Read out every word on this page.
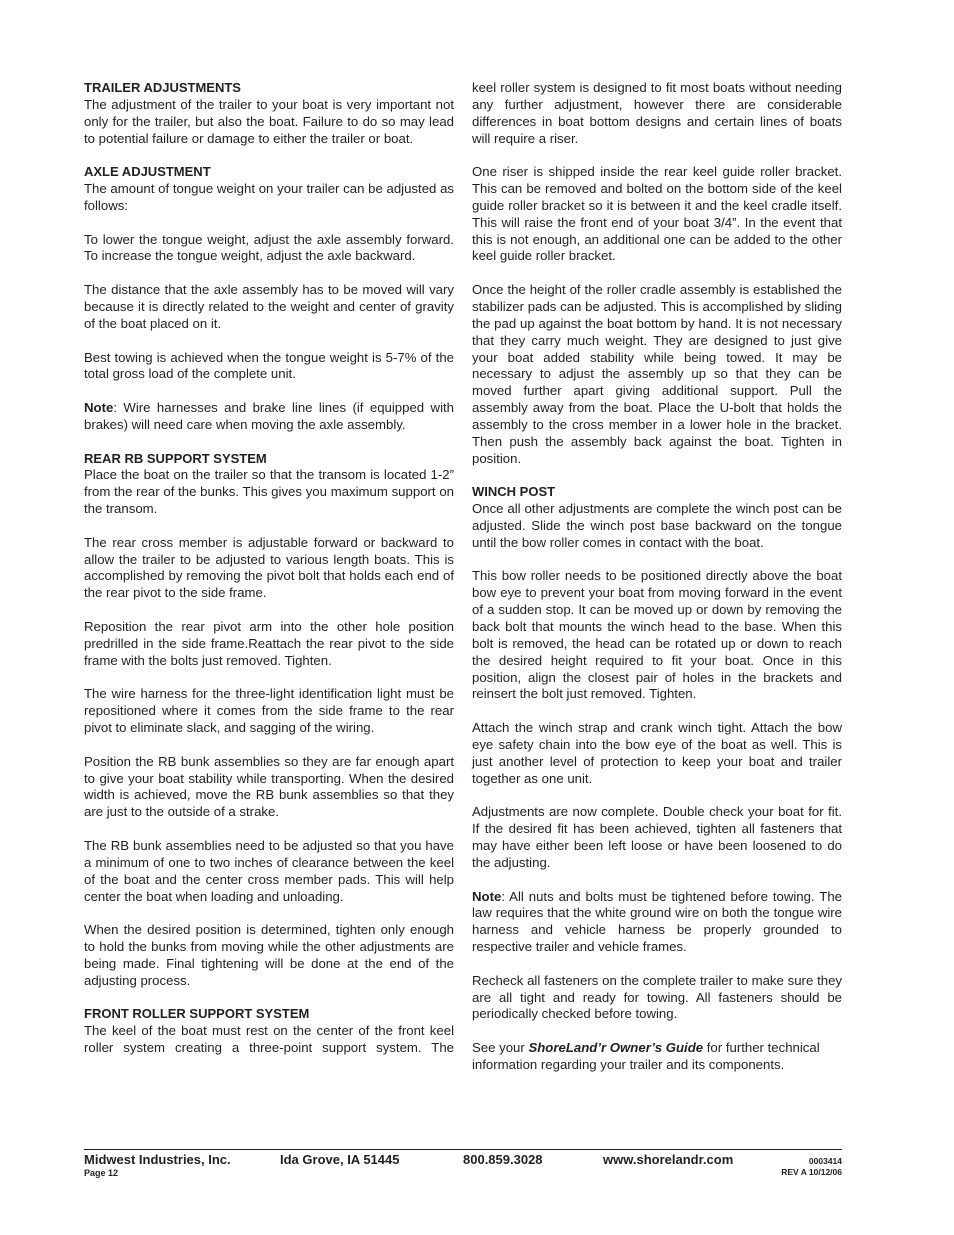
TRAILER ADJUSTMENTS

The adjustment of the trailer to your boat is very important not only for the trailer, but also the boat. Failure to do so may lead to potential failure or damage to either the trailer or boat.

AXLE ADJUSTMENT

The amount of tongue weight on your trailer can be adjusted as follows:

To lower the tongue weight, adjust the axle assembly forward. To increase the tongue weight, adjust the axle backward.

The distance that the axle assembly has to be moved will vary because it is directly related to the weight and center of gravity of the boat placed on it.

Best towing is achieved when the tongue weight is 5-7% of the total gross load of the complete unit.

Note: Wire harnesses and brake line lines (if equipped with brakes) will need care when moving the axle assembly.

REAR RB SUPPORT SYSTEM

Place the boat on the trailer so that the transom is located 1-2” from the rear of the bunks. This gives you maximum support on the transom.

The rear cross member is adjustable forward or backward to allow the trailer to be adjusted to various length boats. This is accomplished by removing the pivot bolt that holds each end of the rear pivot to the side frame.

Reposition the rear pivot arm into the other hole position predrilled in the side frame.Reattach the rear pivot to the side frame with the bolts just removed. Tighten.

The wire harness for the three-light identification light must be repositioned where it comes from the side frame to the rear pivot to eliminate slack, and sagging of the wiring.

Position the RB bunk assemblies so they are far enough apart to give your boat stability while transporting. When the desired width is achieved, move the RB bunk assemblies so that they are just to the outside of a strake.

The RB bunk assemblies need to be adjusted so that you have a minimum of one to two inches of clearance between the keel of the boat and the center cross member pads. This will help center the boat when loading and unloading.

When the desired position is determined, tighten only enough to hold the bunks from moving while the other adjustments are being made. Final tightening will be done at the end of the adjusting process.

FRONT ROLLER SUPPORT SYSTEM

The keel of the boat must rest on the center of the front keel roller system creating a three-point support system. The

keel roller system is designed to fit most boats without needing any further adjustment, however there are considerable differences in boat bottom designs and certain lines of boats will require a riser.

One riser is shipped inside the rear keel guide roller bracket. This can be removed and bolted on the bottom side of the keel guide roller bracket so it is between it and the keel cradle itself. This will raise the front end of your boat 3/4”. In the event that this is not enough, an additional one can be added to the other keel guide roller bracket.

Once the height of the roller cradle assembly is established the stabilizer pads can be adjusted. This is accomplished by sliding the pad up against the boat bottom by hand. It is not necessary that they carry much weight. They are designed to just give your boat added stability while being towed. It may be necessary to adjust the assembly up so that they can be moved further apart giving additional support. Pull the assembly away from the boat. Place the U-bolt that holds the assembly to the cross member in a lower hole in the bracket. Then push the assembly back against the boat. Tighten in position.

WINCH POST

Once all other adjustments are complete the winch post can be adjusted. Slide the winch post base backward on the tongue until the bow roller comes in contact with the boat.

This bow roller needs to be positioned directly above the boat bow eye to prevent your boat from moving forward in the event of a sudden stop. It can be moved up or down by removing the back bolt that mounts the winch head to the base. When this bolt is removed, the head can be rotated up or down to reach the desired height required to fit your boat. Once in this position, align the closest pair of holes in the brackets and reinsert the bolt just removed. Tighten.

Attach the winch strap and crank winch tight. Attach the bow eye safety chain into the bow eye of the boat as well. This is just another level of protection to keep your boat and trailer together as one unit.

Adjustments are now complete. Double check your boat for fit. If the desired fit has been achieved, tighten all fasteners that may have either been left loose or have been loosened to do the adjusting.

Note: All nuts and bolts must be tightened before towing. The law requires that the white ground wire on both the tongue wire harness and vehicle harness be properly grounded to respective trailer and vehicle frames.

Recheck all fasteners on the complete trailer to make sure they are all tight and ready for towing. All fasteners should be periodically checked before towing.

See your ShoreLand’r Owner’s Guide for further technical information regarding your trailer and its components.

Midwest Industries, Inc.	Ida Grove, IA 51445	800.859.3028	www.shorelandr.com
Page 12
0003414
REV A 10/12/06
